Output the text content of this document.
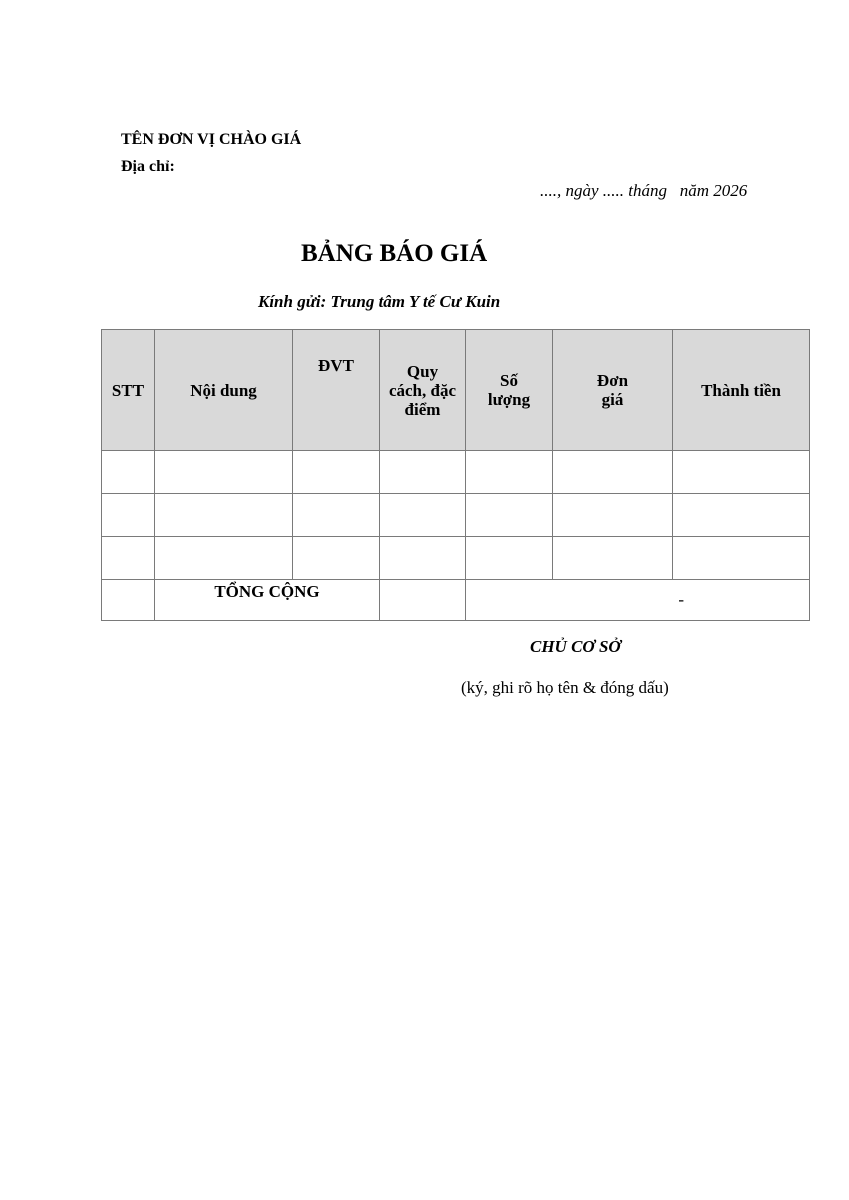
TÊN ĐƠN VỊ CHÀO GIÁ
Địa chỉ:
...., ngày ..... tháng   năm 2026
BẢNG BÁO GIÁ
Kính gửi: Trung tâm Y tế Cư Kuin
STT	Nội dung	ĐVT	Quy cách, đặc điểm	Số lượng	Đơn giá	Thành tiền

	TỔNG CỘNG			-		
CHỦ CƠ SỞ
(ký, ghi rõ họ tên & đóng dấu)
